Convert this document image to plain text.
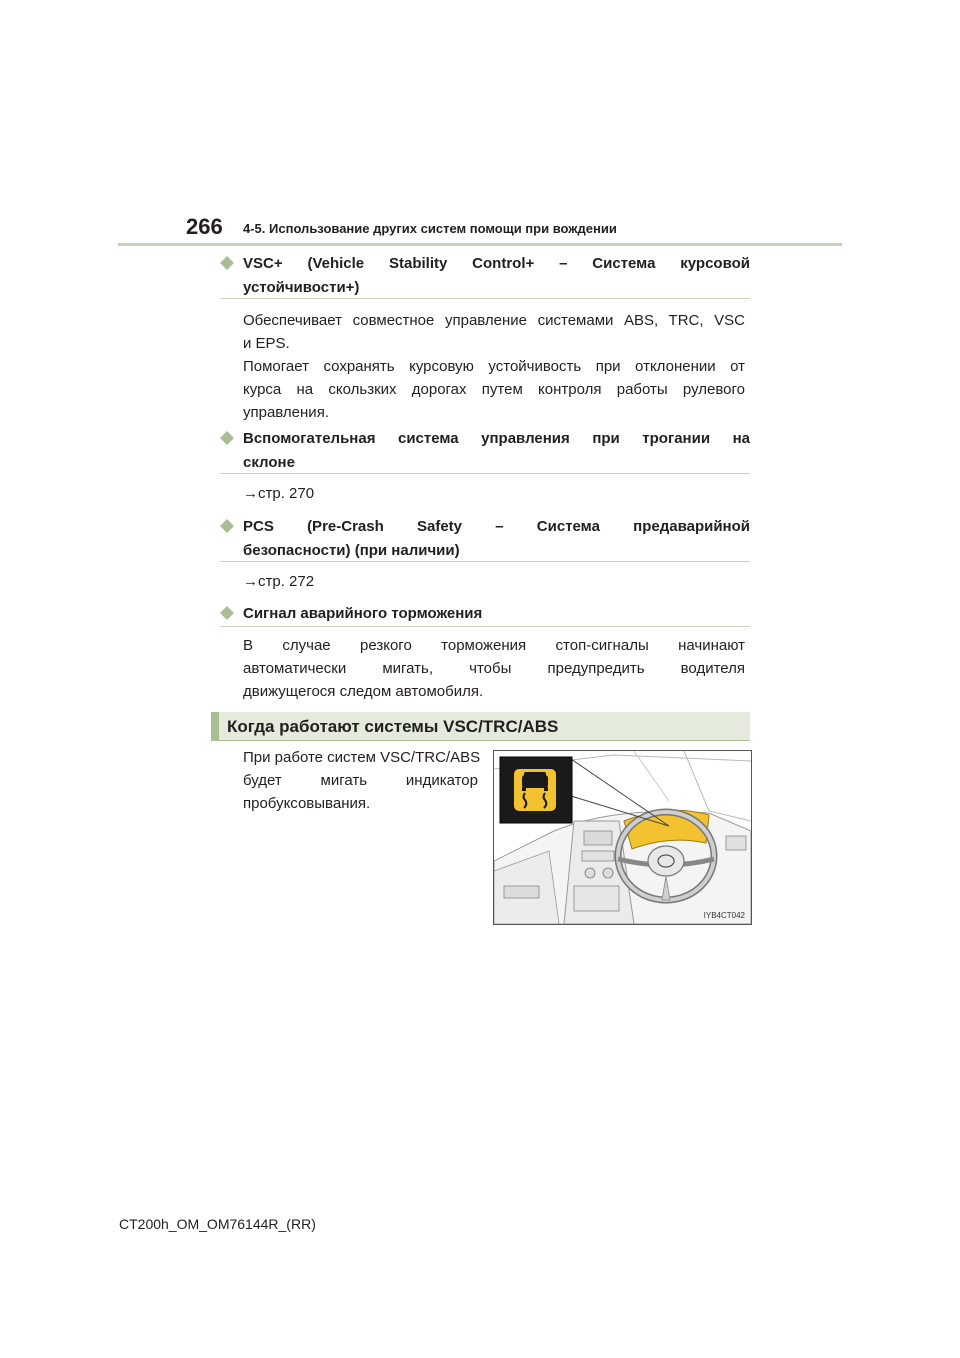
266 4-5. Использование других систем помощи при вождении
VSC+ (Vehicle Stability Control+ – Система курсовой
устойчивости+)
Обеспечивает совместное управление системами ABS, TRC, VSC
и EPS.
Помогает сохранять курсовую устойчивость при отклонении от
курса на скользких дорогах путем контроля работы рулевого
управления.
Вспомогательная система управления при трогании на
склоне
→стр. 270
PCS (Pre-Crash Safety – Система предаварийной
безопасности) (при наличии)
→стр. 272
Сигнал аварийного торможения
В случае резкого торможения стоп-сигналы начинают
автоматически мигать, чтобы предупредить водителя
движущегося следом автомобиля.
Когда работают системы VSC/TRC/ABS
При работе систем VSC/TRC/ABS
будет мигать индикатор
пробуксовывания.
IYB4CT042
CT200h_OM_OM76144R_(RR)
